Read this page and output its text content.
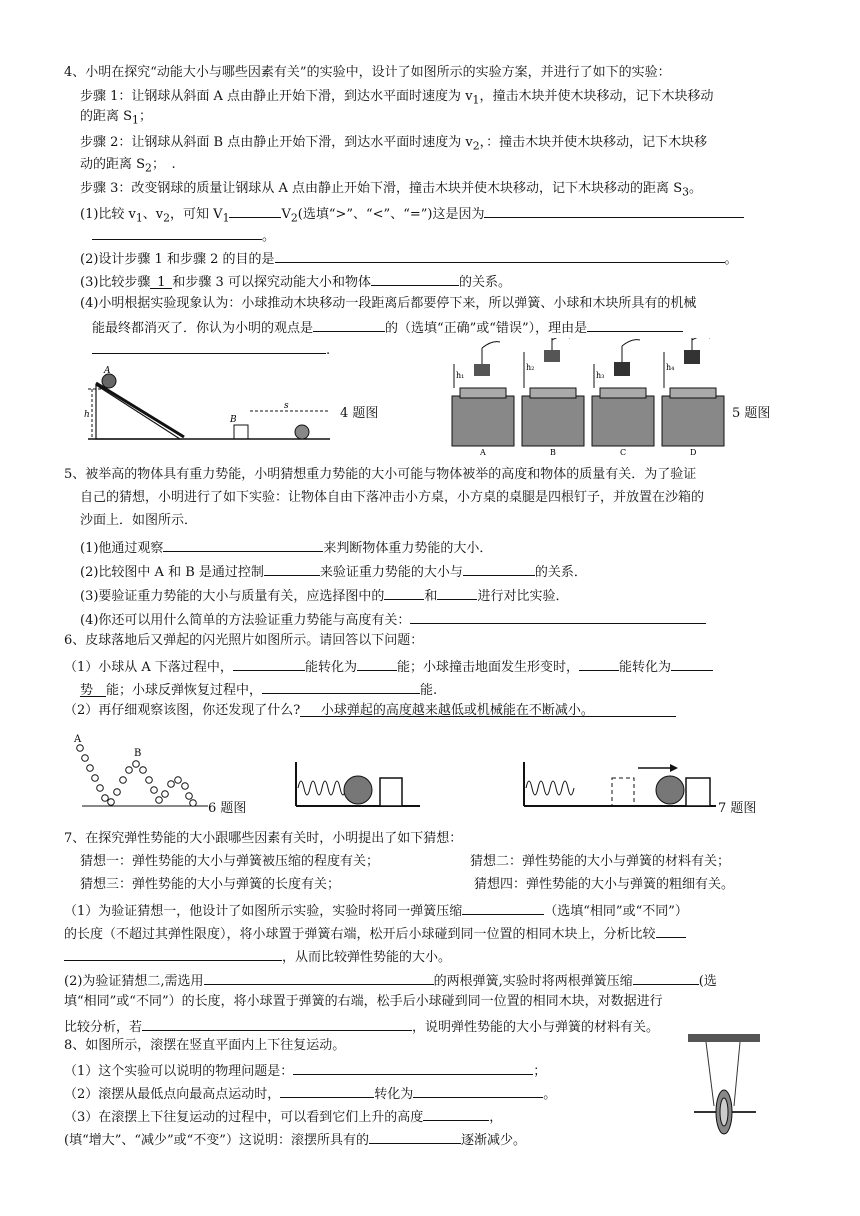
4、小明在探究“动能大小与哪些因素有关”的实验中，设计了如图所示的实验方案，并进行了如下的实验：
步骤 1：让钢球从斜面 A 点由静止开始下滑，到达水平面时速度为 $v_1$，撞击木块并使木块移动，记下木块移动
的距离 $S_1$；
步骤 2：让钢球从斜面 B 点由静止开始下滑，到达水平面时速度为 $v_2$，：撞击木块并使木块移动，记下木块移
动的距离 $S_2$；　.
步骤 3：改变钢球的质量让钢球从 A 点由静止开始下滑，撞击木块并使木块移动，记下木块移动的距离 $S_3$。
(1)比较 $v_1$、$v_2$，可知 $V_1$	$V_2$(选填“>”、“<”、“=”)这是因为
。
(2)设计步骤 1 和步骤 2 的目的是	。
(3)比较步骤 1 和步骤 3 可以探究动能大小和物体	的关系。
(4)小明根据实验现象认为：小球推动木块移动一段距离后都要停下来，所以弹簧、小球和木块所具有的机械
能最终都消灭了．你认为小明的观点是	的（选填“正确”或“错误”），理由是
.
A
h	B
s	4 题图
h₁
h₂
h₃
h₄
A	B	C	D
5 题图
5、被举高的物体具有重力势能，小明猜想重力势能的大小可能与物体被举的高度和物体的质量有关．为了验证
自己的猜想，小明进行了如下实验：让物体自由下落冲击小方桌，小方桌的桌腿是四根钉子，并放置在沙箱的
沙面上．如图所示．
(1)他通过观察	来判断物体重力势能的大小．
(2)比较图中 A 和 B 是通过控制	来验证重力势能的大小与	的关系．
(3)要验证重力势能的大小与质量有关，应选择图中的	和	进行对比实验．
(4)你还可以用什么简单的方法验证重力势能与高度有关：
6、皮球落地后又弹起的闪光照片如图所示。请回答以下问题：
（1）小球从 A 下落过程中，	能转化为	能；小球撞击地面发生形变时，	能转化为
势 能；小球反弹恢复过程中，	能.
（2）再仔细观察该图，你还发现了什么? 小球弹起的高度越来越低或机械能在不断减小。
A
B
6 题图	7 题图
7、在探究弹性势能的大小跟哪些因素有关时，小明提出了如下猜想：
猜想一：弹性势能的大小与弹簧被压缩的程度有关；	猜想二：弹性势能的大小与弹簧的材料有关；
猜想三：弹性势能的大小与弹簧的长度有关；	猜想四：弹性势能的大小与弹簧的粗细有关。
（1）为验证猜想一，他设计了如图所示实验，实验时将同一弹簧压缩	（选填“相同”或“不同”）
的长度（不超过其弹性限度），将小球置于弹簧右端，松开后小球碰到同一位置的相同木块上，分析比较
，从而比较弹性势能的大小。
(2)为验证猜想二,需选用	的两根弹簧,实验时将两根弹簧压缩	(选
填“相同”或“不同”）的长度，将小球置于弹簧的右端，松手后小球碰到同一位置的相同木块，对数据进行
比较分析，若	，说明弹性势能的大小与弹簧的材料有关。
8、如图所示，滚摆在竖直平面内上下往复运动。
（1）这个实验可以说明的物理问题是：	；
（2）滚摆从最低点向最高点运动时，	转化为	。
（3）在滚摆上下往复运动的过程中，可以看到它们上升的高度	，
(填“增大”、“减少”或“不变”）这说明：滚摆所具有的	逐渐减少。
